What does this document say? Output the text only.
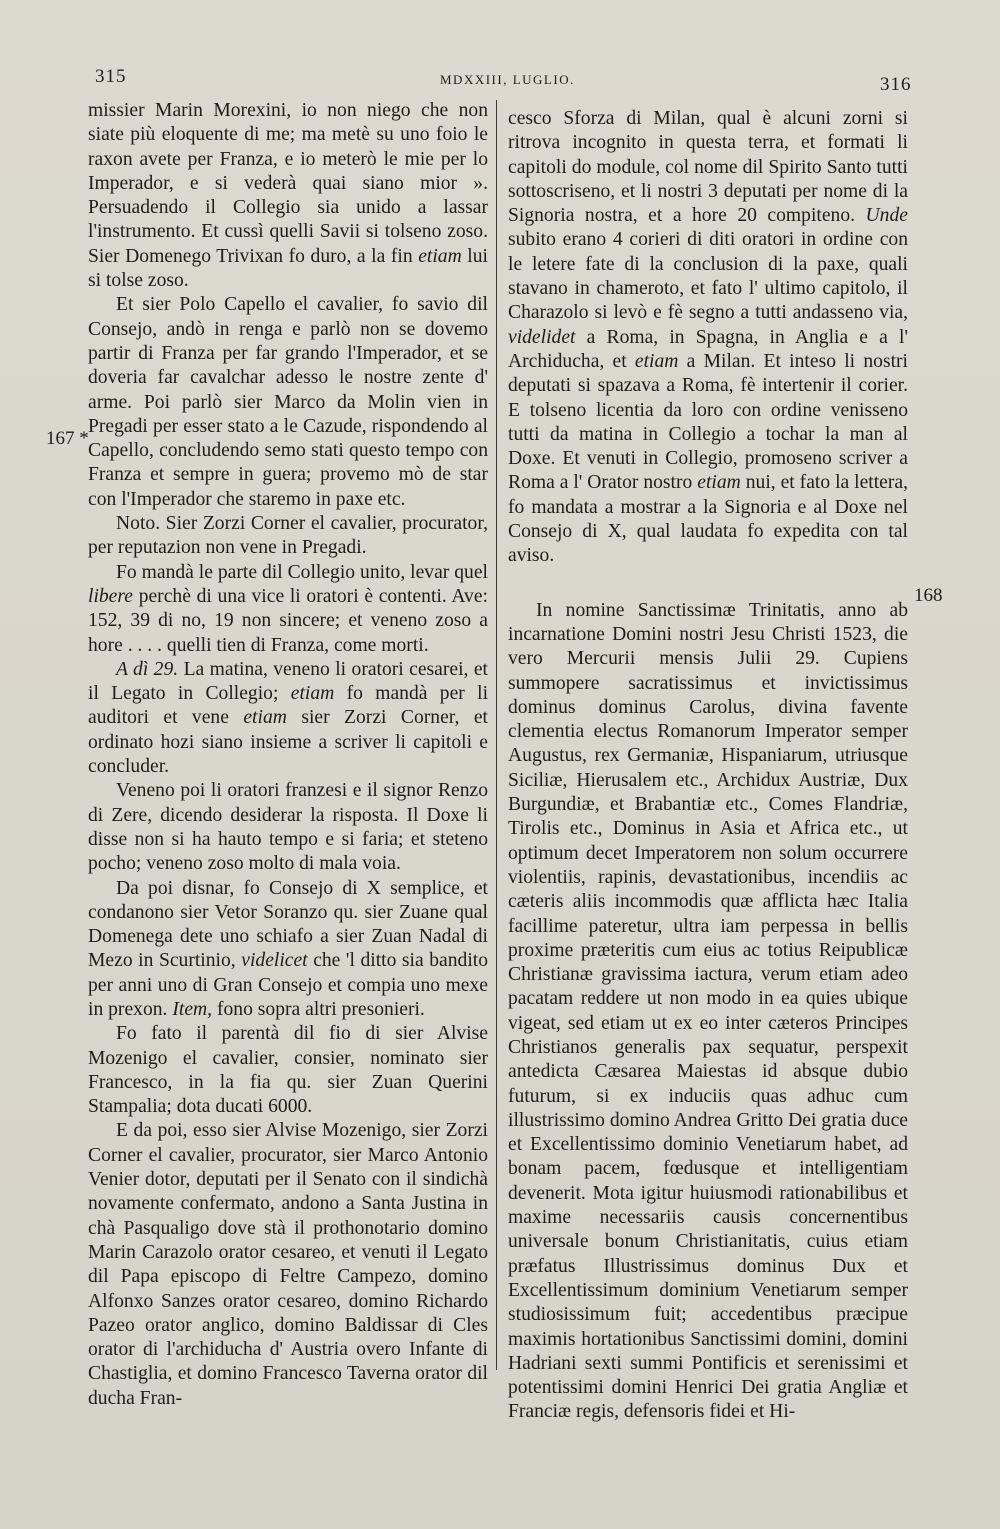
315	MDXXIII, LUGLIO.	316
167 *
168

missier Marin Morexini, io non niego che non siate più eloquente di me; ma metè su uno foio le raxon avete per Franza, e io meterò le mie per lo Imperador, e si vederà quai siano mior ». Persuadendo il Collegio sia unido a lassar l'instrumento. Et cussì quelli Savii si tolseno zoso. Sier Domenego Trivixan fo duro, a la fin etiam lui si tolse zoso.

Et sier Polo Capello el cavalier, fo savio dil Consejo, andò in renga e parlò non se dovemo partir di Franza per far grando l'Imperador, et se doveria far cavalchar adesso le nostre zente d' arme. Poi parlò sier Marco da Molin vien in Pregadi per esser stato a le Cazude, rispondendo al Capello, concludendo semo stati questo tempo con Franza et sempre in guera; provemo mò de star con l'Imperador che staremo in paxe etc.

Noto. Sier Zorzi Corner el cavalier, procurator, per reputazion non vene in Pregadi.

Fo mandà le parte dil Collegio unito, levar quel libere perchè di una vice li oratori è contenti. Ave: 152, 39 di no, 19 non sincere; et veneno zoso a hore . . . . quelli tien di Franza, come morti.

A dì 29. La matina, veneno li oratori cesarei, et il Legato in Collegio; etiam fo mandà per li auditori et vene etiam sier Zorzi Corner, et ordinato hozi siano insieme a scriver li capitoli e concluder.

Veneno poi li oratori franzesi e il signor Renzo di Zere, dicendo desiderar la risposta. Il Doxe li disse non si ha hauto tempo e si faria; et steteno pocho; veneno zoso molto di mala voia.

Da poi disnar, fo Consejo di X semplice, et condanono sier Vetor Soranzo qu. sier Zuane qual Domenega dete uno schiafo a sier Zuan Nadal di Mezo in Scurtinio, videlicet che 'l ditto sia bandito per anni uno di Gran Consejo et compia uno mexe in prexon. Item, fono sopra altri presonieri.

Fo fato il parentà dil fio di sier Alvise Mozenigo el cavalier, consier, nominato sier Francesco, in la fia qu. sier Zuan Querini Stampalia; dota ducati 6000.

E da poi, esso sier Alvise Mozenigo, sier Zorzi Corner el cavalier, procurator, sier Marco Antonio Venier dotor, deputati per il Senato con il sindichà novamente confermato, andono a Santa Justina in chà Pasqualigo dove stà il prothonotario domino Marin Carazolo orator cesareo, et venuti il Legato dil Papa episcopo di Feltre Campezo, domino Alfonxo Sanzes orator cesareo, domino Richardo Pazeo orator anglico, domino Baldissar di Cles orator di l'archiducha d' Austria overo Infante di Chastiglia, et domino Francesco Taverna orator dil ducha Fran-

cesco Sforza di Milan, qual è alcuni zorni si ritrova incognito in questa terra, et formati li capitoli do module, col nome dil Spirito Santo tutti sottoscriseno, et li nostri 3 deputati per nome di la Signoria nostra, et a hore 20 compiteno. Unde subito erano 4 corieri di diti oratori in ordine con le letere fate di la conclusion di la paxe, quali stavano in chameroto, et fato l' ultimo capitolo, il Charazolo si levò e fè segno a tutti andasseno via, videlidet a Roma, in Spagna, in Anglia e a l' Archiducha, et etiam a Milan. Et inteso li nostri deputati si spazava a Roma, fè intertenir il corier. E tolseno licentia da loro con ordine venisseno tutti da matina in Collegio a tochar la man al Doxe. Et venuti in Collegio, promoseno scriver a Roma a l' Orator nostro etiam nui, et fato la lettera, fo mandata a mostrar a la Signoria e al Doxe nel Consejo di X, qual laudata fo expedita con tal aviso.

In nomine Sanctissimæ Trinitatis, anno ab incarnatione Domini nostri Jesu Christi 1523, die vero Mercurii mensis Julii 29. Cupiens summopere sacratissimus et invictissimus dominus dominus Carolus, divina favente clementia electus Romanorum Imperator semper Augustus, rex Germaniæ, Hispaniarum, utriusque Siciliæ, Hierusalem etc., Archidux Austriæ, Dux Burgundiæ, et Brabantiæ etc., Comes Flandriæ, Tirolis etc., Dominus in Asia et Africa etc., ut optimum decet Imperatorem non solum occurrere violentiis, rapinis, devastationibus, incendiis ac cæteris aliis incommodis quæ afflicta hæc Italia facillime pateretur, ultra iam perpessa in bellis proxime præteritis cum eius ac totius Reipublicæ Christianæ gravissima iactura, verum etiam adeo pacatam reddere ut non modo in ea quies ubique vigeat, sed etiam ut ex eo inter cæteros Principes Christianos generalis pax sequatur, perspexit antedicta Cæsarea Maiestas id absque dubio futurum, si ex induciis quas adhuc cum illustrissimo domino Andrea Gritto Dei gratia duce et Excellentissimo dominio Venetiarum habet, ad bonam pacem, fœdusque et intelligentiam devenerit. Mota igitur huiusmodi rationabilibus et maxime necessariis causis concernentibus universale bonum Christianitatis, cuius etiam præfatus Illustrissimus dominus Dux et Excellentissimum dominium Venetiarum semper studiosissimum fuit; accedentibus præcipue maximis hortationibus Sanctissimi domini, domini Hadriani sexti summi Pontificis et serenissimi et potentissimi domini Henrici Dei gratia Angliæ et Franciæ regis, defensoris fidei et Hi-
